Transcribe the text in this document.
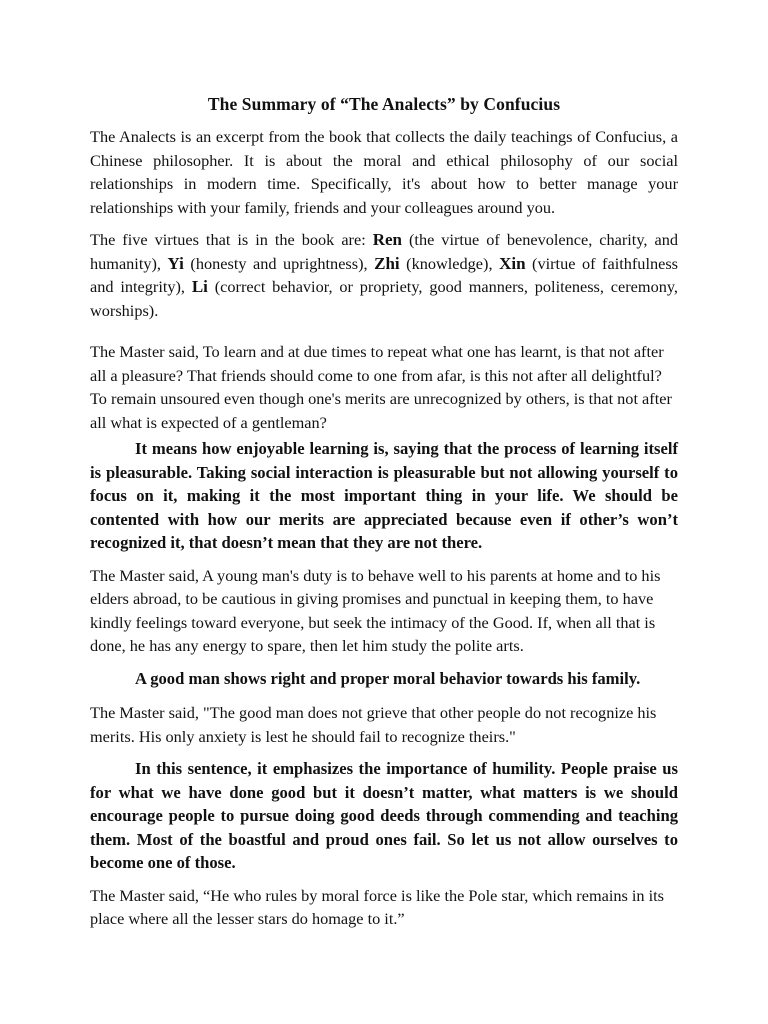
The Summary of “The Analects” by Confucius

The Analects is an excerpt from the book that collects the daily teachings of Confucius, a Chinese philosopher. It is about the moral and ethical philosophy of our social relationships in modern time. Specifically, it's about how to better manage your relationships with your family, friends and your colleagues around you.

The five virtues that is in the book are: Ren (the virtue of benevolence, charity, and humanity), Yi (honesty and uprightness), Zhi (knowledge), Xin (virtue of faithfulness and integrity), Li (correct behavior, or propriety, good manners, politeness, ceremony, worships).

The Master said, To learn and at due times to repeat what one has learnt, is that not after all a pleasure? That friends should come to one from afar, is this not after all delightful? To remain unsoured even though one's merits are unrecognized by others, is that not after all what is expected of a gentleman?

It means how enjoyable learning is, saying that the process of learning itself is pleasurable. Taking social interaction is pleasurable but not allowing yourself to focus on it, making it the most important thing in your life. We should be contented with how our merits are appreciated because even if other’s won’t recognized it, that doesn’t mean that they are not there.

The Master said, A young man's duty is to behave well to his parents at home and to his elders abroad, to be cautious in giving promises and punctual in keeping them, to have kindly feelings toward everyone, but seek the intimacy of the Good. If, when all that is done, he has any energy to spare, then let him study the polite arts.

A good man shows right and proper moral behavior towards his family.

The Master said, "The good man does not grieve that other people do not recognize his merits. His only anxiety is lest he should fail to recognize theirs."

In this sentence, it emphasizes the importance of humility. People praise us for what we have done good but it doesn’t matter, what matters is we should encourage people to pursue doing good deeds through commending and teaching them. Most of the boastful and proud ones fail. So let us not allow ourselves to become one of those.

The Master said, “He who rules by moral force is like the Pole star, which remains in its place where all the lesser stars do homage to it.”
